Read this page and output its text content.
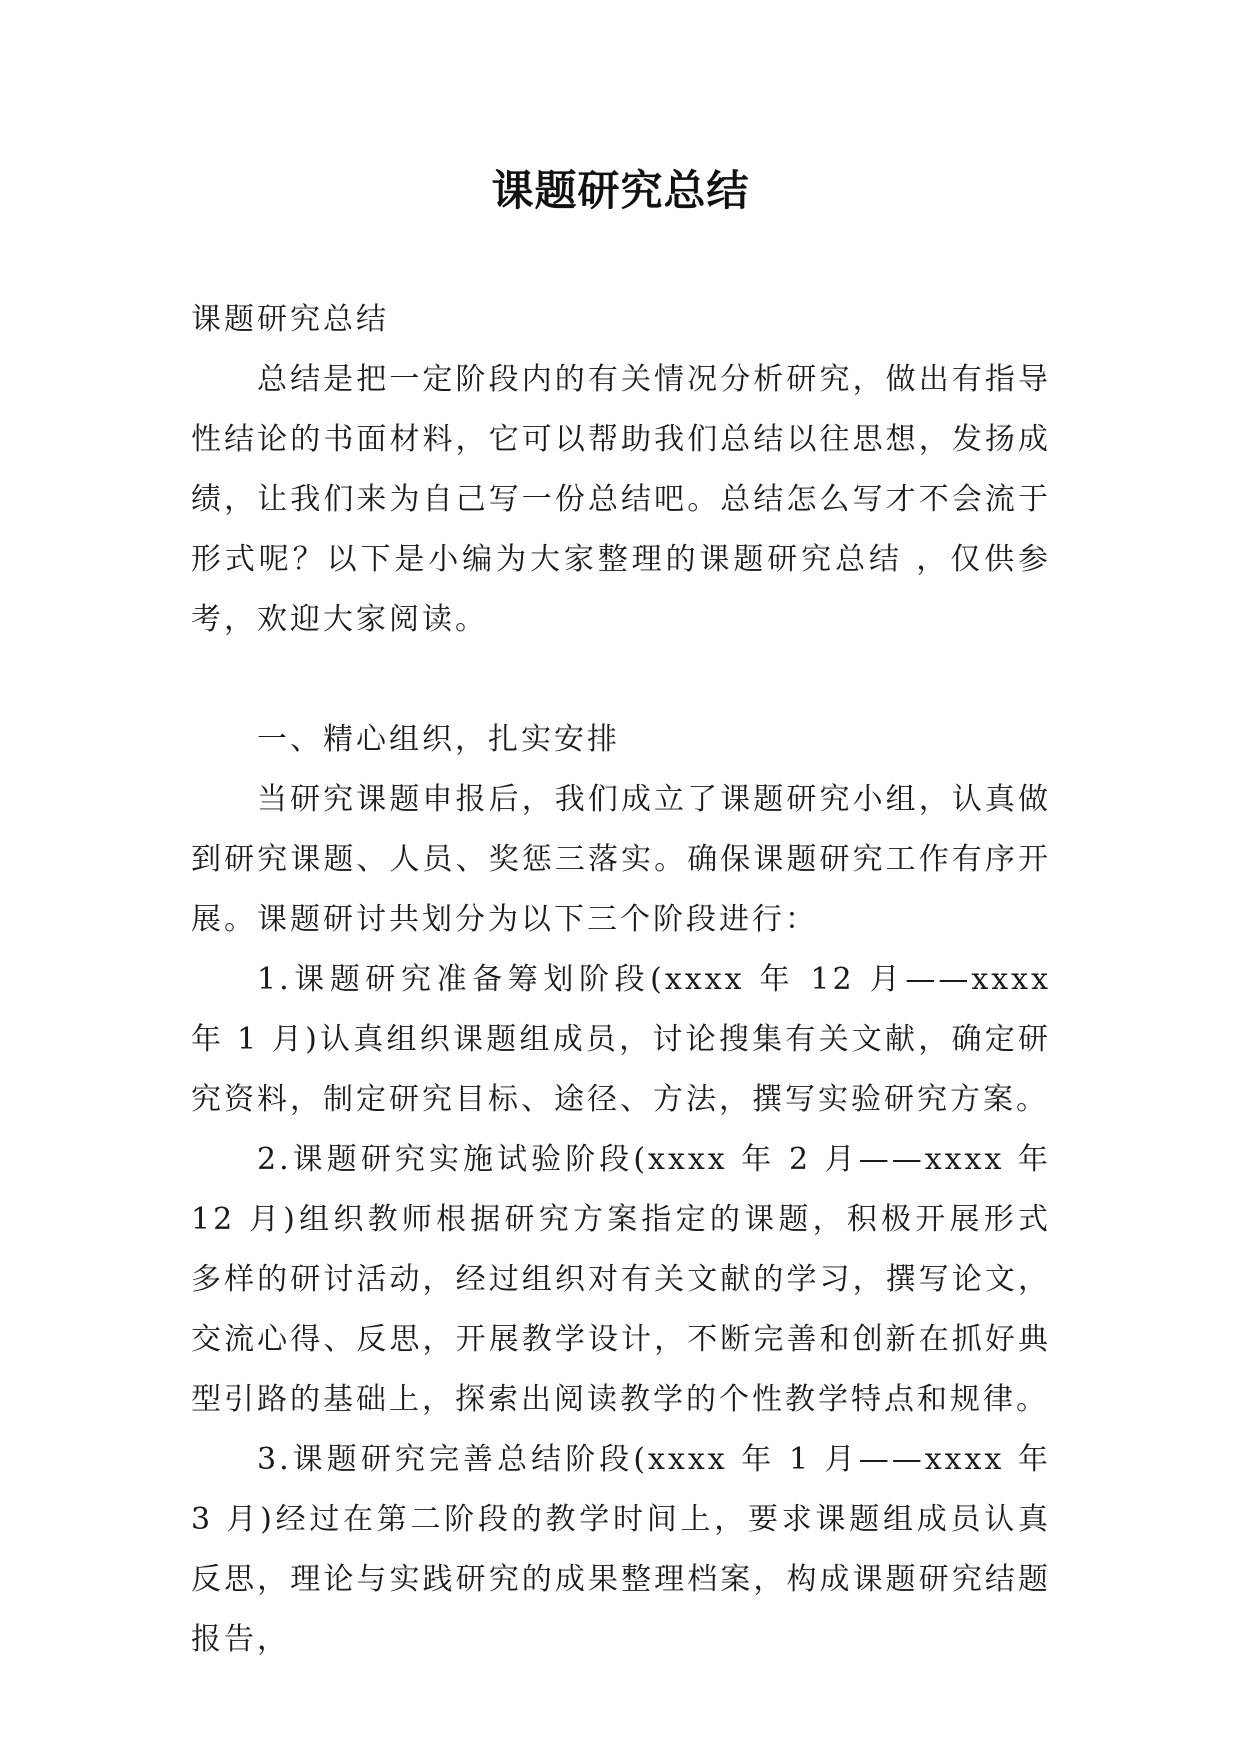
课题研究总结

课题研究总结

总结是把一定阶段内的有关情况分析研究，做出有指导性结论的书面材料，它可以帮助我们总结以往思想，发扬成绩，让我们来为自己写一份总结吧。总结怎么写才不会流于形式呢？以下是小编为大家整理的课题研究总结 ，仅供参考，欢迎大家阅读。

一、精心组织，扎实安排

当研究课题申报后，我们成立了课题研究小组，认真做到研究课题、人员、奖惩三落实。确保课题研究工作有序开展。课题研讨共划分为以下三个阶段进行：

1.课题研究准备筹划阶段(xxxx 年 12 月——xxxx 年 1 月)认真组织课题组成员，讨论搜集有关文献，确定研究资料，制定研究目标、途径、方法，撰写实验研究方案。

2.课题研究实施试验阶段(xxxx 年 2 月——xxxx 年 12 月)组织教师根据研究方案指定的课题，积极开展形式多样的研讨活动，经过组织对有关文献的学习，撰写论文，交流心得、反思，开展教学设计，不断完善和创新在抓好典型引路的基础上，探索出阅读教学的个性教学特点和规律。

3.课题研究完善总结阶段(xxxx 年 1 月——xxxx 年 3 月)经过在第二阶段的教学时间上，要求课题组成员认真反思，理论与实践研究的成果整理档案，构成课题研究结题报告，
